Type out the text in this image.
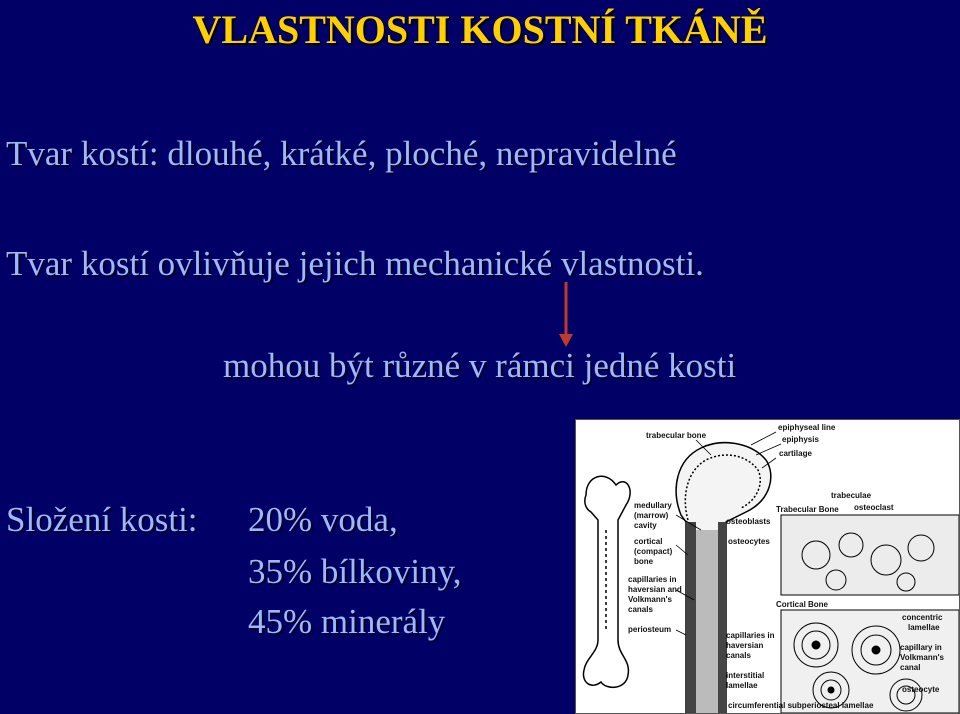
VLASTNOSTI KOSTNÍ TKÁNĚ
Tvar kostí: dlouhé, krátké, ploché, nepravidelné
Tvar kostí ovlivňuje jejich mechanické vlastnosti.
mohou být různé v rámci jedné kosti
Složení kosti: 20% voda,
35% bílkoviny,
45% minerály
trabecular bone
epiphyseal line
epiphysis
cartilage
medullary
(marrow)
cavity
cortical
(compact)
bone
capillaries in
haversian and
Volkmann's
canals
periosteum
trabeculae
Trabecular Bone osteoclast
osteoblasts
osteocytes
Cortical Bone
concentric
lamellae
capillaries in
haversian
canals
capillary in
Volkmann's
canal
interstitial
lamellae	osteocyte
circumferential subperiosteal lamellae
